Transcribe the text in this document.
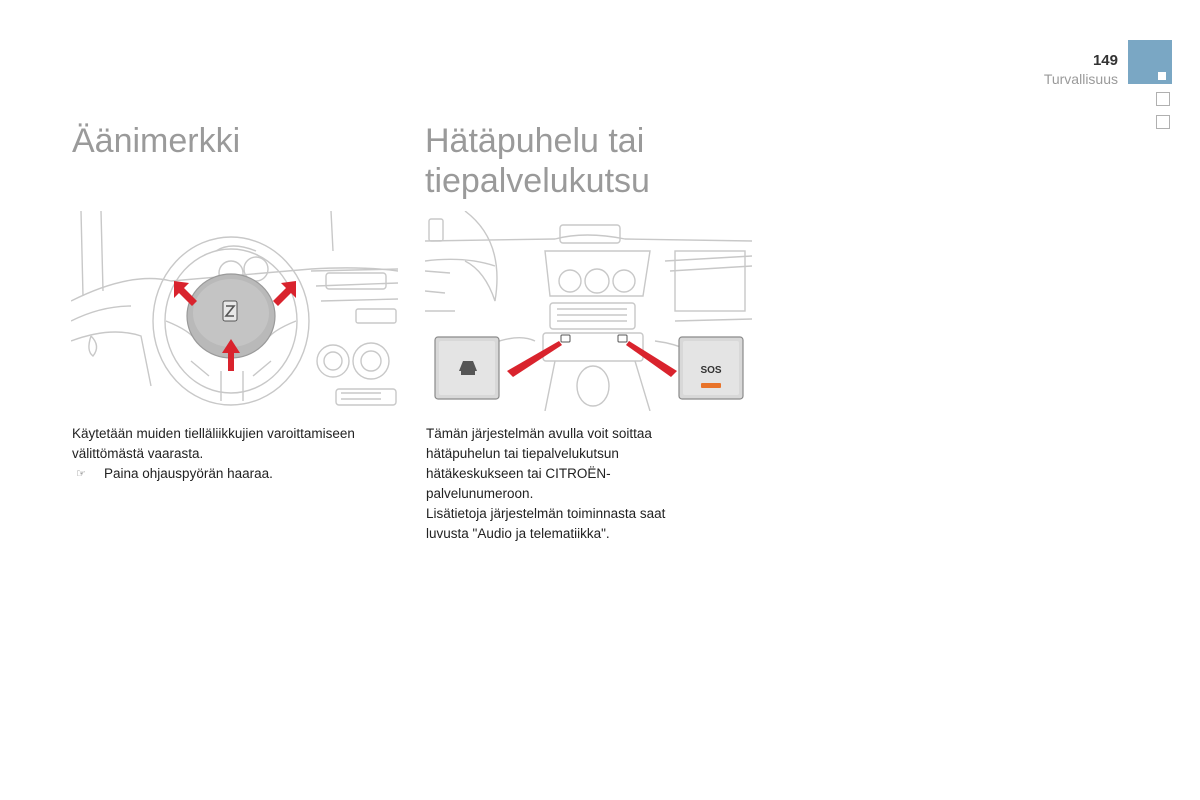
149
Turvallisuus
Äänimerkki

Käytetään muiden tielläliikkujien varoittamiseen välittömästä vaarasta.

☞	Paina ohjauspyörän haaraa.
Hätäpuhelu tai
tiepalvelukutsu
SOS

Tämän järjestelmän avulla voit soittaa

hätäpuhelun tai tiepalvelukutsun

hätäkeskukseen tai CITROËN-

palvelunumeroon.

Lisätietoja järjestelmän toiminnasta saat

luvusta "Audio ja telematiikka".
